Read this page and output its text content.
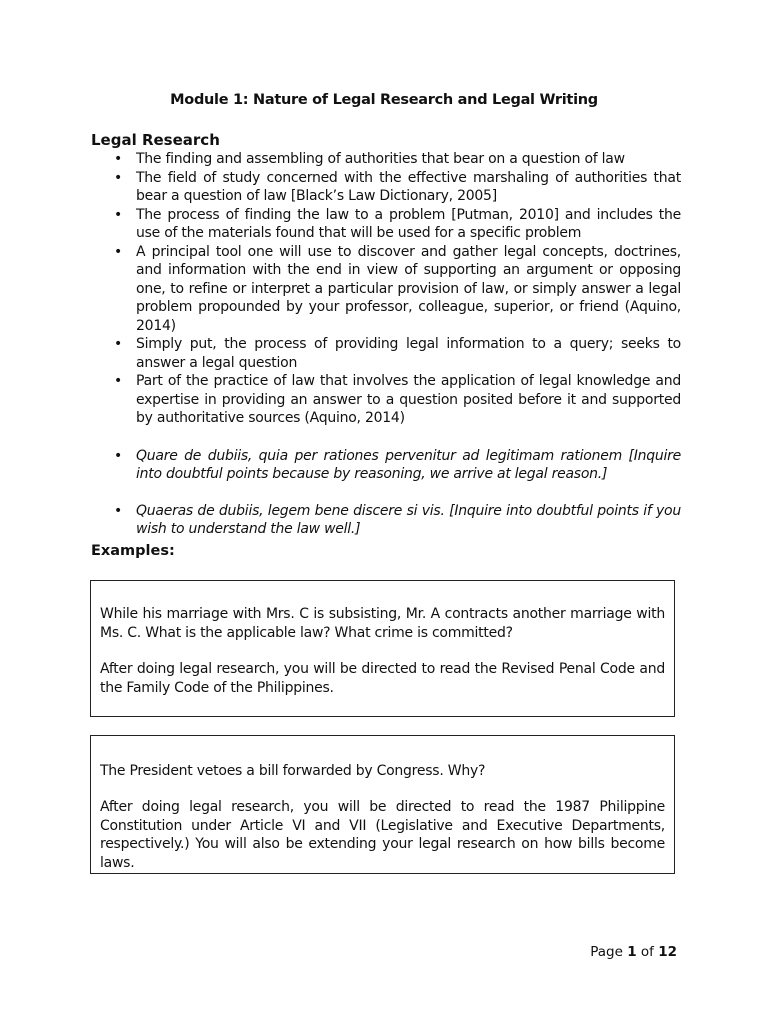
Module 1: Nature of Legal Research and Legal Writing
Legal Research
• The finding and assembling of authorities that bear on a question of law
• The field of study concerned with the effective marshaling of authorities that bear a question of law [Black’s Law Dictionary, 2005]
• The process of finding the law to a problem [Putman, 2010] and includes the use of the materials found that will be used for a specific problem
• A principal tool one will use to discover and gather legal concepts, doctrines, and information with the end in view of supporting an argument or opposing one, to refine or interpret a particular provision of law, or simply answer a legal problem propounded by your professor, colleague, superior, or friend (Aquino, 2014)
• Simply put, the process of providing legal information to a query; seeks to answer a legal question
• Part of the practice of law that involves the application of legal knowledge and expertise in providing an answer to a question posited before it and supported by authoritative sources (Aquino, 2014)
• Quare de dubiis, quia per rationes pervenitur ad legitimam rationem [Inquire into doubtful points because by reasoning, we arrive at legal reason.]
• Quaeras de dubiis, legem bene discere si vis. [Inquire into doubtful points if you wish to understand the law well.]
Examples:

While his marriage with Mrs. C is subsisting, Mr. A contracts another marriage with Ms. C. What is the applicable law? What crime is committed?

After doing legal research, you will be directed to read the Revised Penal Code and the Family Code of the Philippines.

The President vetoes a bill forwarded by Congress. Why?

After doing legal research, you will be directed to read the 1987 Philippine Constitution under Article VI and VII (Legislative and Executive Departments, respectively.) You will also be extending your legal research on how bills become laws.

Page 1 of 12
